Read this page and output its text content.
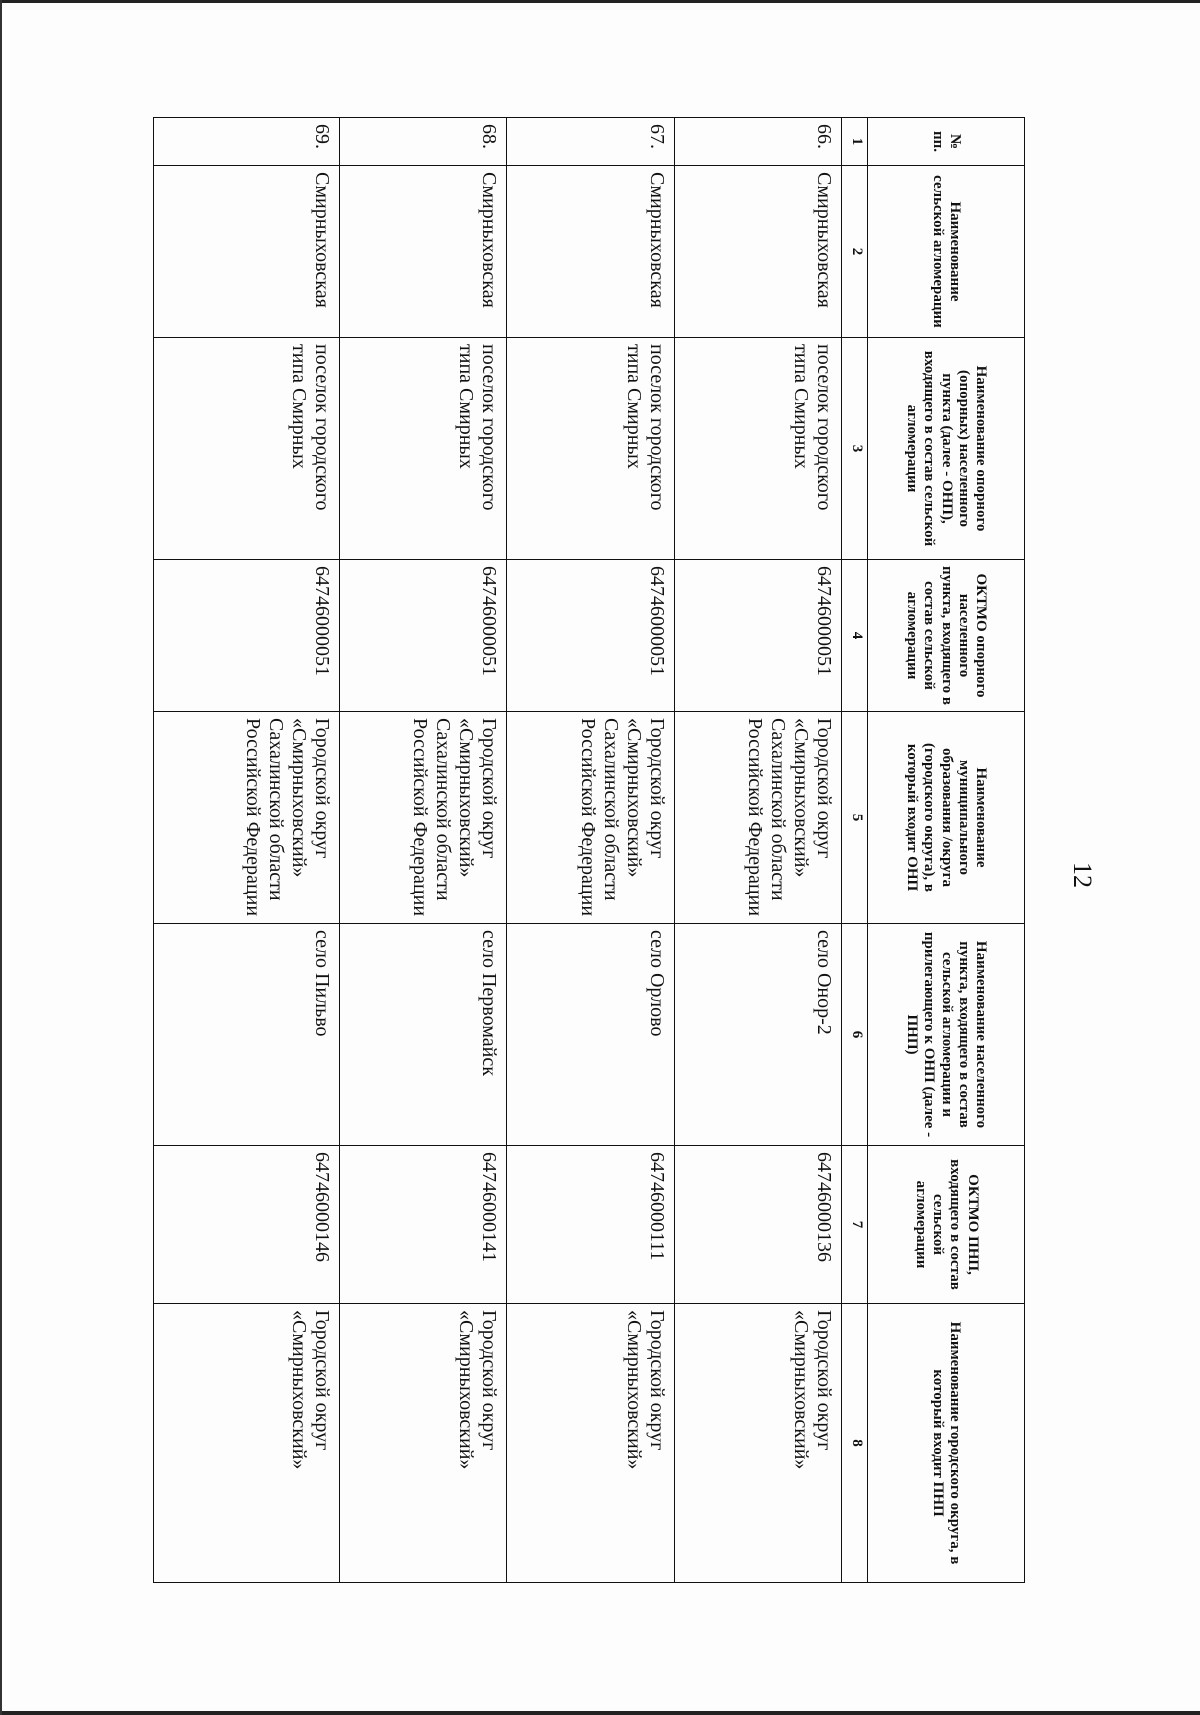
12
№ пп.	Наименование сельской агломерации	Наименование опорного (опорных) населенного пункта (далее - ОНП), входящего в состав сельской агломерации	ОКТМО опорного населенного пункта, входящего в состав сельской агломерации	Наименование муниципального образования /округа (городского округа), в который входит ОНП	Наименование населенного пункта, входящего в состав сельской агломерации и прилегающего к ОНП (далее - ПНП)	ОКТМО ПНП, входящего в состав сельской агломерации	Наименование городского округа, в который входит ПНП
1	2	3	4	5	6	7	8
66.	Смирныховская	поселок городского типа Смирных	64746000051	Городской округ «Смирныховский» Сахалинской области Российской Федерации	село Онор-2	64746000136	Городской округ «Смирныховский»
67.	Смирныховская	поселок городского типа Смирных	64746000051	Городской округ «Смирныховский» Сахалинской области Российской Федерации	село Орлово	64746000111	Городской округ «Смирныховский»
68.	Смирныховская	поселок городского типа Смирных	64746000051	Городской округ «Смирныховский» Сахалинской области Российской Федерации	село Первомайск	64746000141	Городской округ «Смирныховский»
69.	Смирныховская	поселок городского типа Смирных	64746000051	Городской округ «Смирныховский» Сахалинской области Российской Федерации	село Пильво	64746000146	Городской округ «Смирныховский»
